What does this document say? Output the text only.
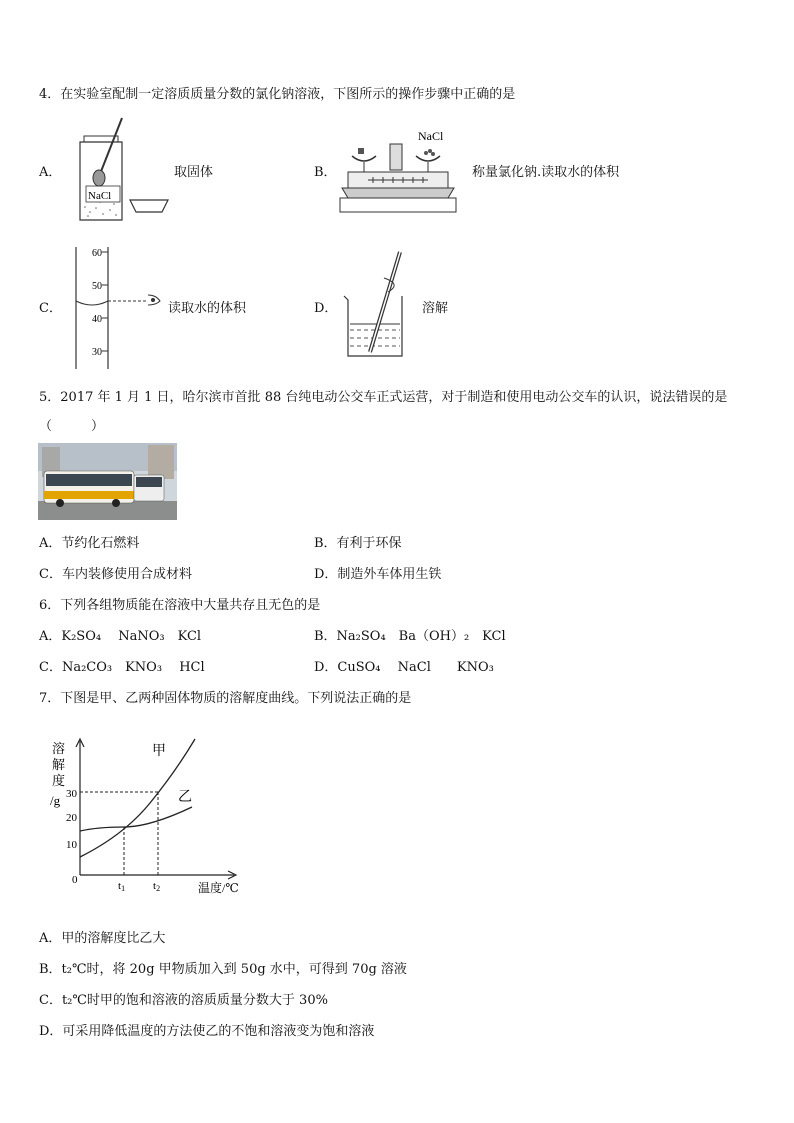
4．在实验室配制一定溶质质量分数的氯化钠溶液，下图所示的操作步骤中正确的是
A．
NaCl
取固体	B．
NaCl
称量氯化钠.读取水的体积
C．
60
50
40
30
读取水的体积	D．	溶解
5．2017 年 1 月 1 日，哈尔滨市首批 88 台纯电动公交车正式运营，对于制造和使用电动公交车的认识，说法错误的是
（　　　）
A．节约化石燃料	B．有利于环保
C．车内装修使用合成材料	D．制造外车体用生铁
6．下列各组物质能在溶液中大量共存且无色的是
A．K₂SO₄　 NaNO₃　KCl	B．Na₂SO₄　Ba（OH）₂　KCl
C．Na₂CO₃　KNO₃　 HCl	D．CuSO₄　 NaCl　　KNO₃
7．下图是甲、乙两种固体物质的溶解度曲线。下列说法正确的是
溶
解
度
/g 30
20
10
0
甲
乙
t1	t2	温度/℃
A．甲的溶解度比乙大
B．t₂℃时，将 20g 甲物质加入到 50g 水中，可得到 70g 溶液
C．t₂℃时甲的饱和溶液的溶质质量分数大于 30%
D．可采用降低温度的方法使乙的不饱和溶液变为饱和溶液
